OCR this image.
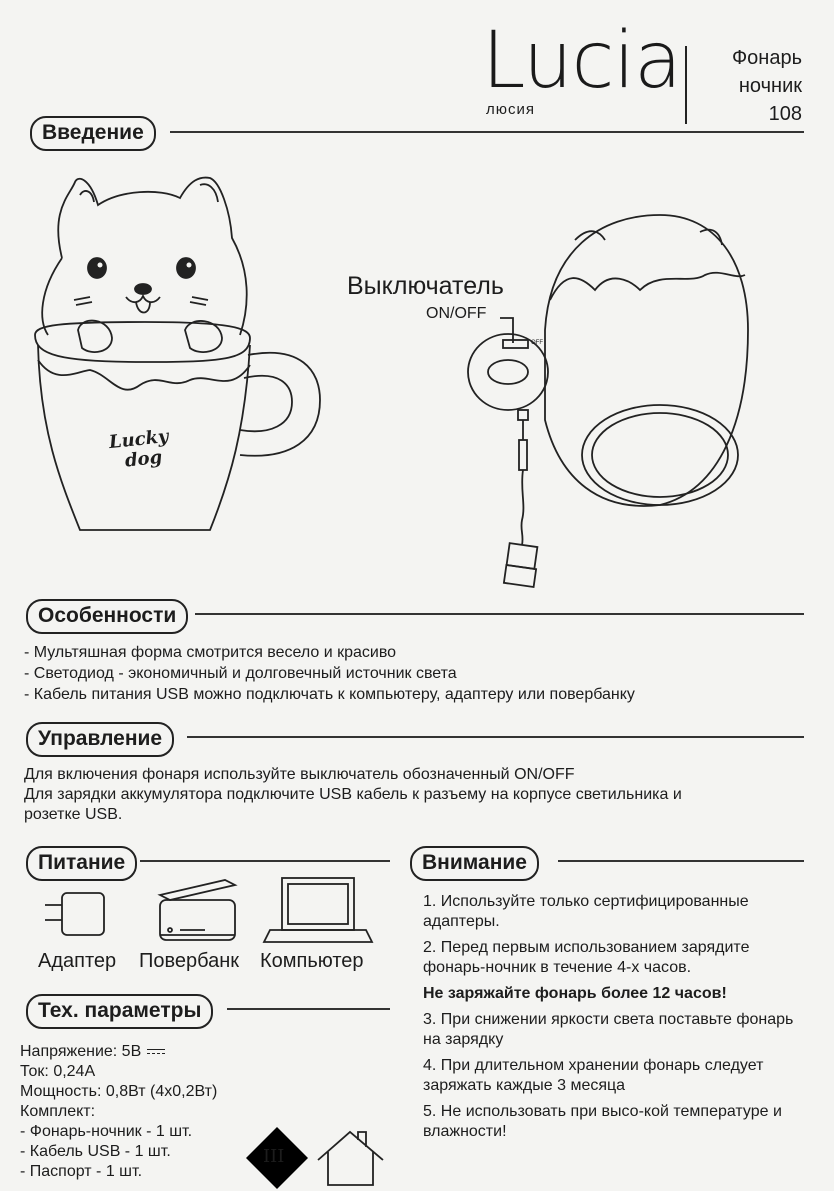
Lucia
люсия
Фонарь
ночник
108
Введение
Lucky
dog
Выключатель
ON/OFF
OFF
Особенности
- Мультяшная форма смотрится весело и красиво
- Светодиод - экономичный и долговечный источник света
- Кабель питания USB можно подключать к компьютеру, адаптеру или повербанку
Управление
Для включения фонаря используйте выключатель обозначенный ON/OFF
Для зарядки аккумулятора подключите USB кабель к разъему на корпусе светильника и
розетке USB.
Питание
Адаптер Повербанк Компьютер
Тех. параметры
Напряжение: 5В
Ток: 0,24А
Мощность: 0,8Вт (4х0,2Вт)
Комплект:
- Фонарь-ночник - 1 шт.
- Кабель USB - 1 шт.
- Паспорт - 1 шт.
III
Внимание
1. Используйте только сертифицированные адаптеры.
2. Перед первым использованием зарядите фонарь-ночник в течение 4-х часов.
Не заряжайте фонарь более 12 часов!
3. При снижении яркости света поставьте фонарь на зарядку
4. При длительном хранении фонарь следует заряжать каждые 3 месяца
5. Не использовать при высо-кой температуре и влажности!
